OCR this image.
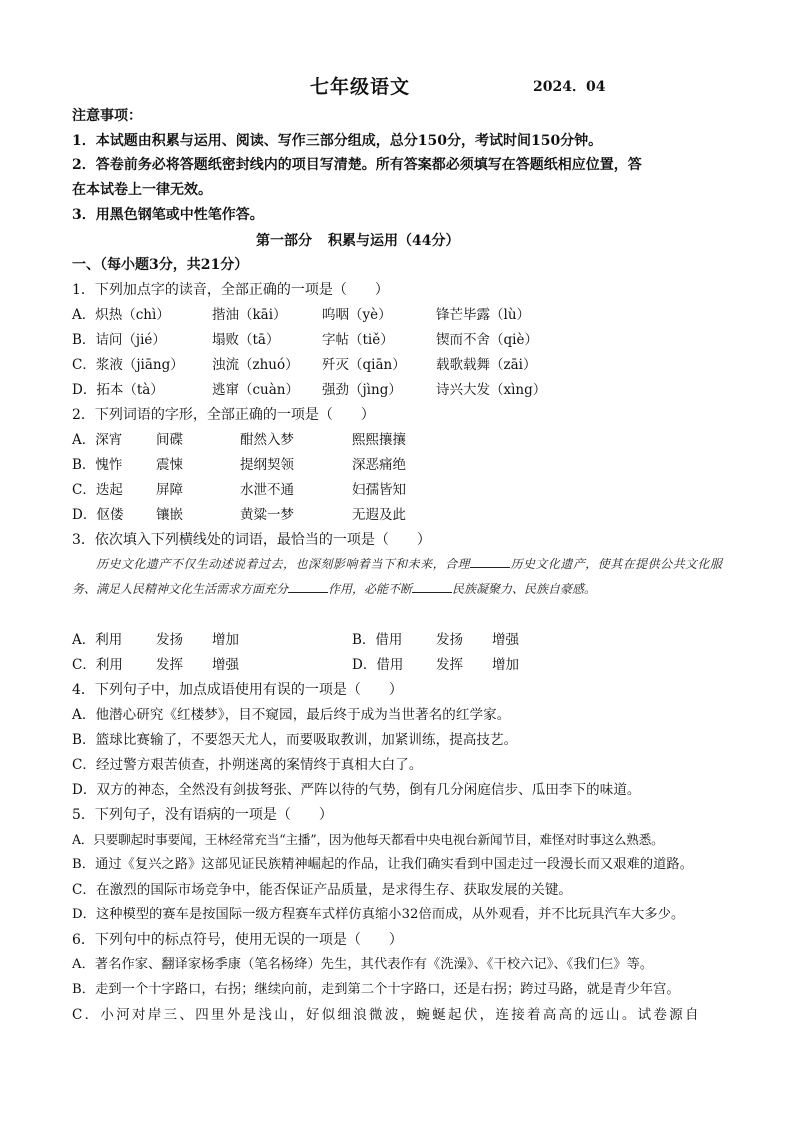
七年级语文	2024．04
注意事项：
1．本试题由积累与运用、阅读、写作三部分组成，总分150分，考试时间150分钟。
2．答卷前务必将答题纸密封线内的项目写清楚。所有答案都必须填写在答题纸相应位置，答
在本试卷上一律无效。
3．用黑色钢笔或中性笔作答。
第一部分 积累与运用（44分）
一、（每小题3分，共21分）
1．下列加点字的读音，全部正确的一项是（　　）
A．炽热（chì）	揩油（kāi）	呜咽（yè）	锋芒毕露（lù）
B．诘问（jié）	塌败（tā）	字帖（tiě）	锲而不舍（qiè）
C．浆液（jiāng） 浊流（zhuó） 歼灭（qiān） 载歌载舞（zāi）
D．拓本（tà）	逃窜（cuàn） 强劲（jìng）	诗兴大发（xìng）
2．下列词语的字形，全部正确的一项是（　　）
A．深宵	间碟	酣然入梦	熙熙攘攘
B．愧怍 震悚	提纲契领	深恶痛绝
C．迭起 屏障	水泄不通	妇孺皆知
D．伛偻 镶嵌	黄粱一梦	无遐及此
3．依次填入下列横线处的词语，最恰当的一项是（　　）
历史文化遗产不仅生动述说着过去，也深刻影响着当下和未来，合理	历史文化遗产，使其在提供公共文化服务、满足人民精神文化生活需求方面充分	作用，必能不断	民族凝聚力、民族自豪感。
A．利用	发扬 增加	B．借用 发扬 增强
C．利用 发挥 增强	D．借用 发挥 增加
4．下列句子中，加点成语使用有误的一项是（　　）
A．他潜心研究《红楼梦》，目不窥园，最后终于成为当世著名的红学家。
B．篮球比赛输了，不要怨天尤人，而要吸取教训，加紧训练，提高技艺。
C．经过警方艰苦侦查，扑朔迷离的案情终于真相大白了。
D．双方的神态，全然没有剑拔弩张、严阵以待的气势，倒有几分闲庭信步、瓜田李下的味道。
5．下列句子，没有语病的一项是（　　）
A．只要聊起时事要闻，王林经常充当“主播”，因为他每天都看中央电视台新闻节目，难怪对时事这么熟悉。
B．通过《复兴之路》这部见证民族精神崛起的作品，让我们确实看到中国走过一段漫长而又艰难的道路。
C．在激烈的国际市场竞争中，能否保证产品质量，是求得生存、获取发展的关键。
D．这种模型的赛车是按国际一级方程赛车式样仿真缩小32倍而成，从外观看，并不比玩具汽车大多少。
6．下列句中的标点符号，使用无误的一项是（　　）
A．著名作家、翻译家杨季康（笔名杨绛）先生，其代表作有《洗澡》、《干校六记》、《我们仨》等。
B．走到一个十字路口，右拐；继续向前，走到第二个十字路口，还是右拐；跨过马路，就是青少年宫。
C．小河对岸三、四里外是浅山，好似细浪微波，蜿蜒起伏，连接着高高的远山。试卷源自
